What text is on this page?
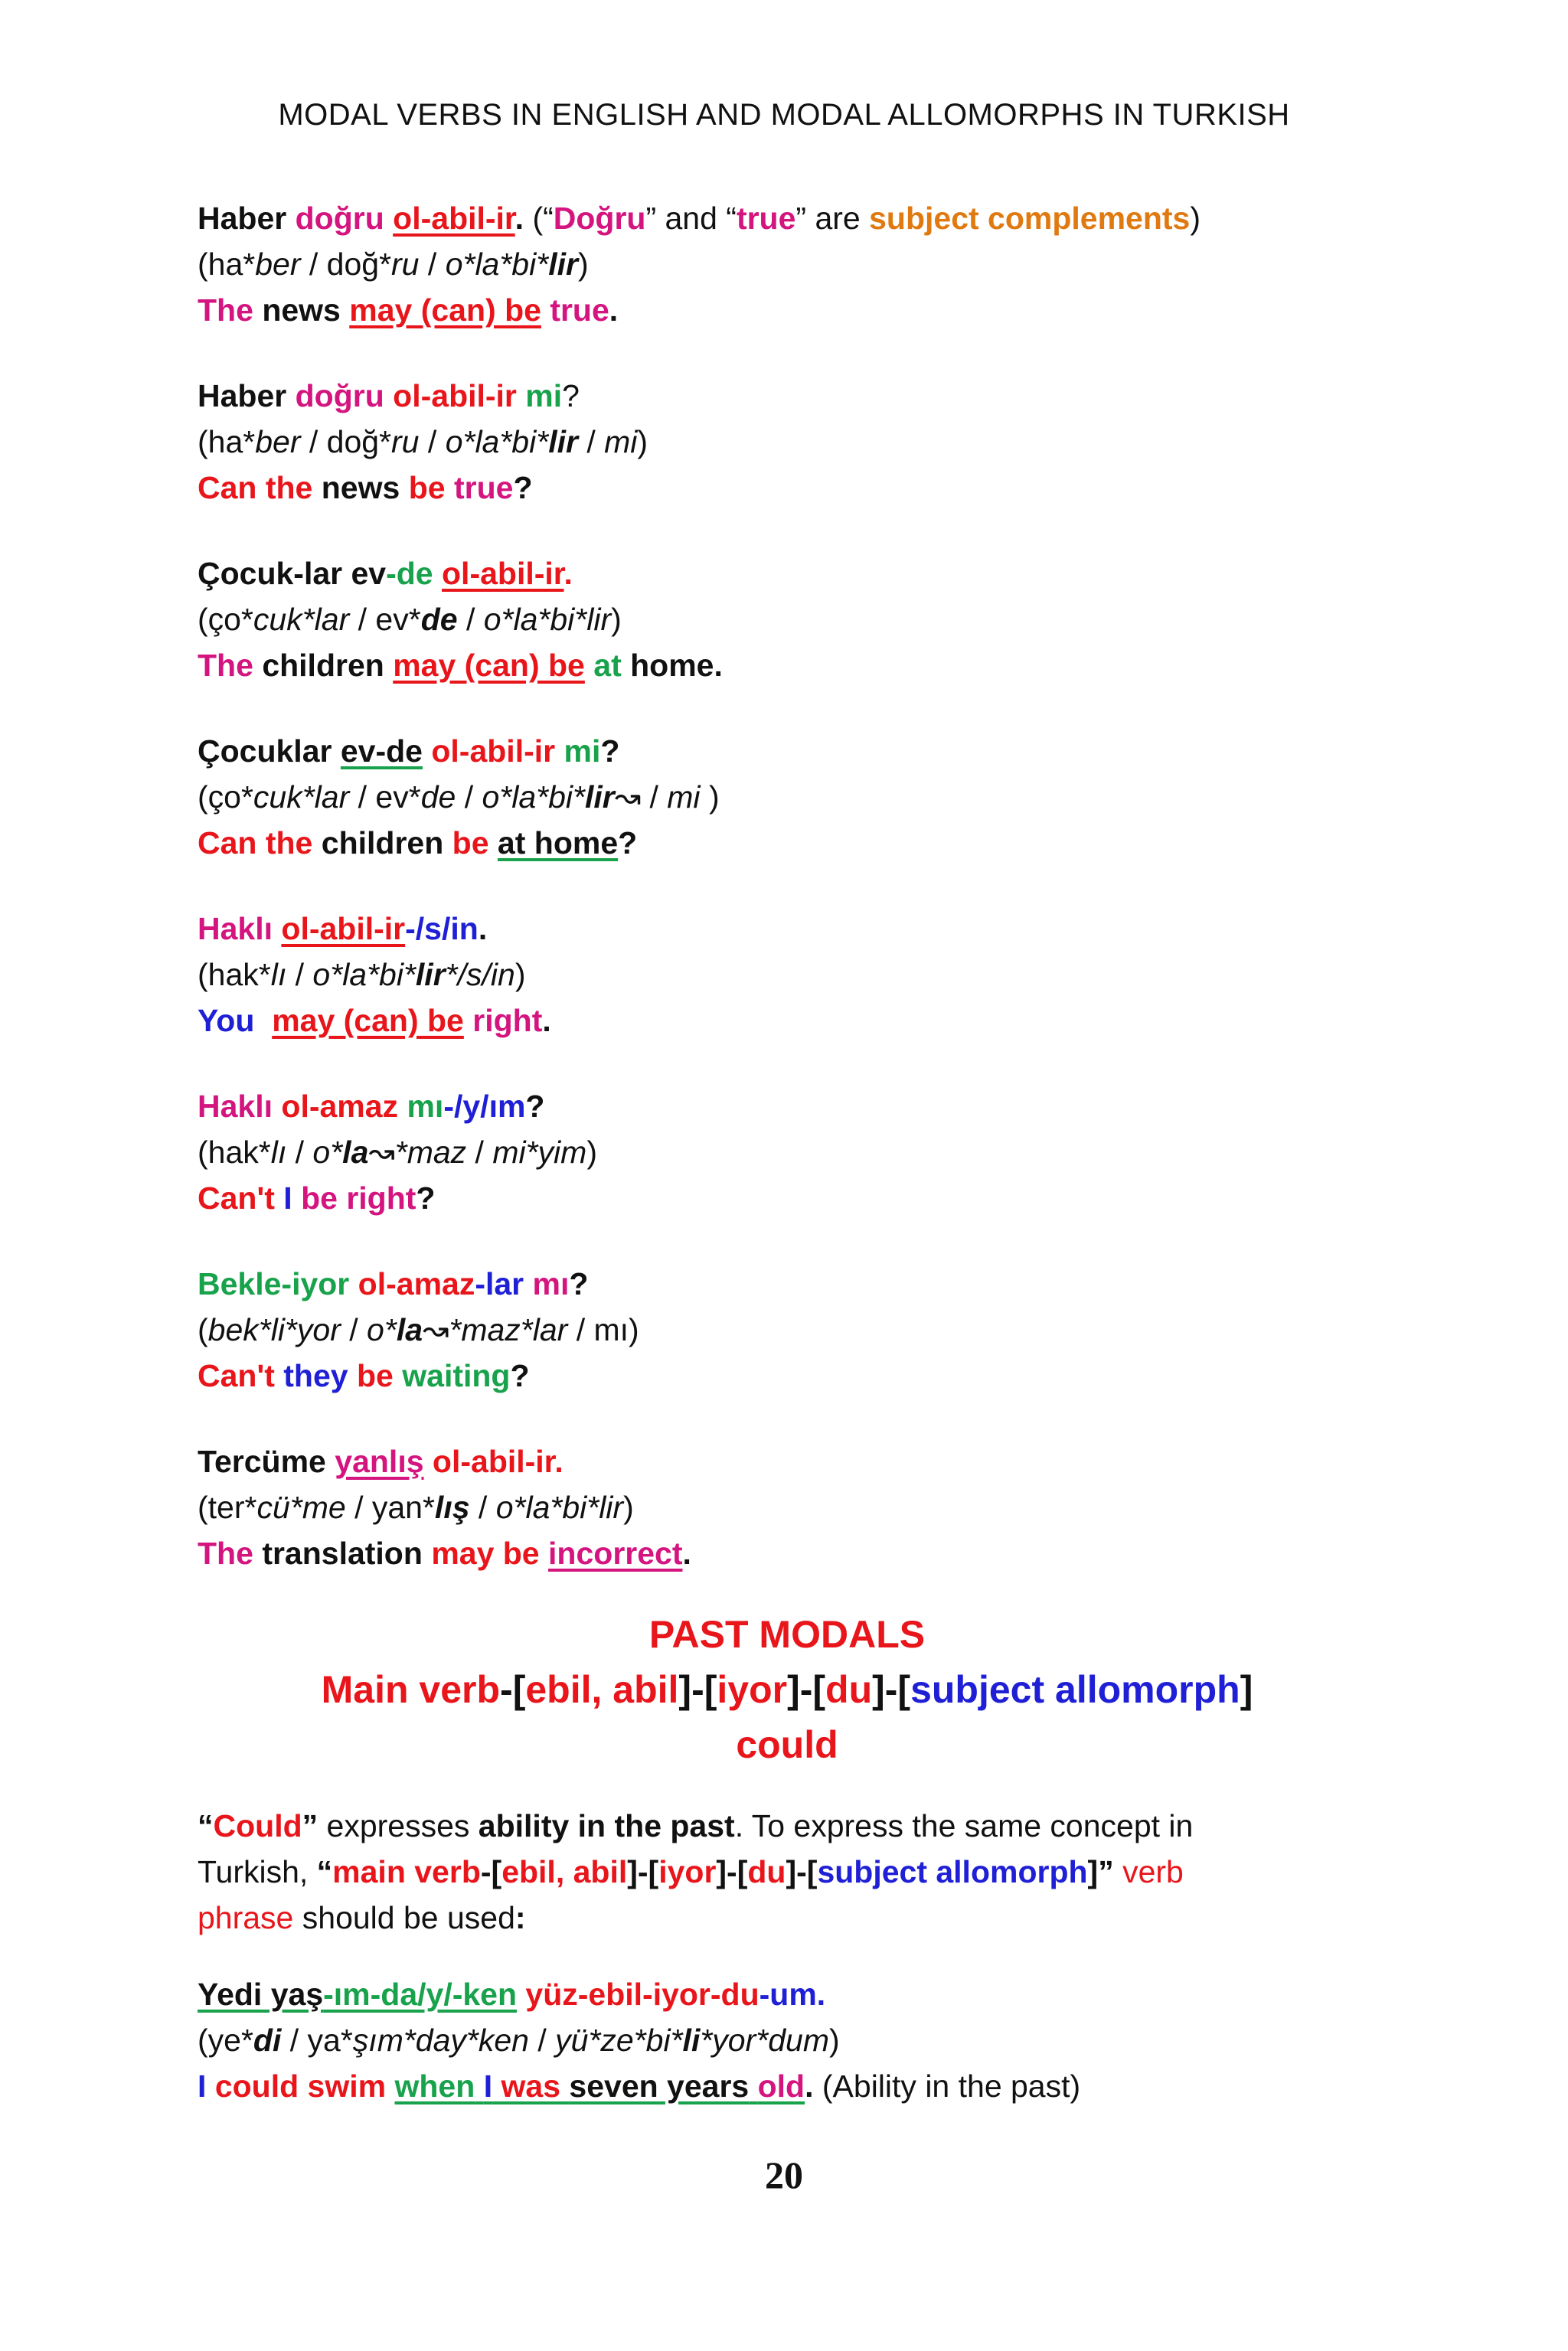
MODAL VERBS IN ENGLISH AND MODAL ALLOMORPHS IN TURKISH
Haber doğru ol-abil-ir. (“Doğru” and “true” are subject complements)
(ha*ber / doğ*ru / o*la*bi*lir)
The news may (can) be true.
Haber doğru ol-abil-ir mi?
(ha*ber / doğ*ru / o*la*bi*lir / mi)
Can the news be true?
Çocuk-lar ev-de ol-abil-ir.
(ço*cuk*lar / ev*de / o*la*bi*lir)
The children may (can) be at home.
Çocuklar ev-de ol-abil-ir mi?
(ço*cuk*lar / ev*de / o*la*bi*lir↝ / mi )
Can the children be at home?
Haklı ol-abil-ir-/s/in.
(hak*lı / o*la*bi*lir*/s/in)
You may (can) be right.
Haklı ol-amaz mı-/y/ım?
(hak*lı / o*la↝*maz / mi*yim)
Can't I be right?
Bekle-iyor ol-amaz-lar mı?
(bek*li*yor / o*la↝*maz*lar / mı)
Can't they be waiting?
Tercüme yanlış ol-abil-ir.
(ter*cü*me / yan*lış / o*la*bi*lir)
The translation may be incorrect.
PAST MODALS
Main verb-[ebil, abil]-[iyor]-[du]-[subject allomorph]
could
“Could” expresses ability in the past. To express the same concept in
Turkish, “main verb-[ebil, abil]-[iyor]-[du]-[subject allomorph]” verb
phrase should be used:
Yedi yaş-ım-da/y/-ken yüz-ebil-iyor-du-um.
(ye*di / ya*şım*day*ken / yü*ze*bi*li*yor*dum)
I could swim when I was seven years old. (Ability in the past)
20
